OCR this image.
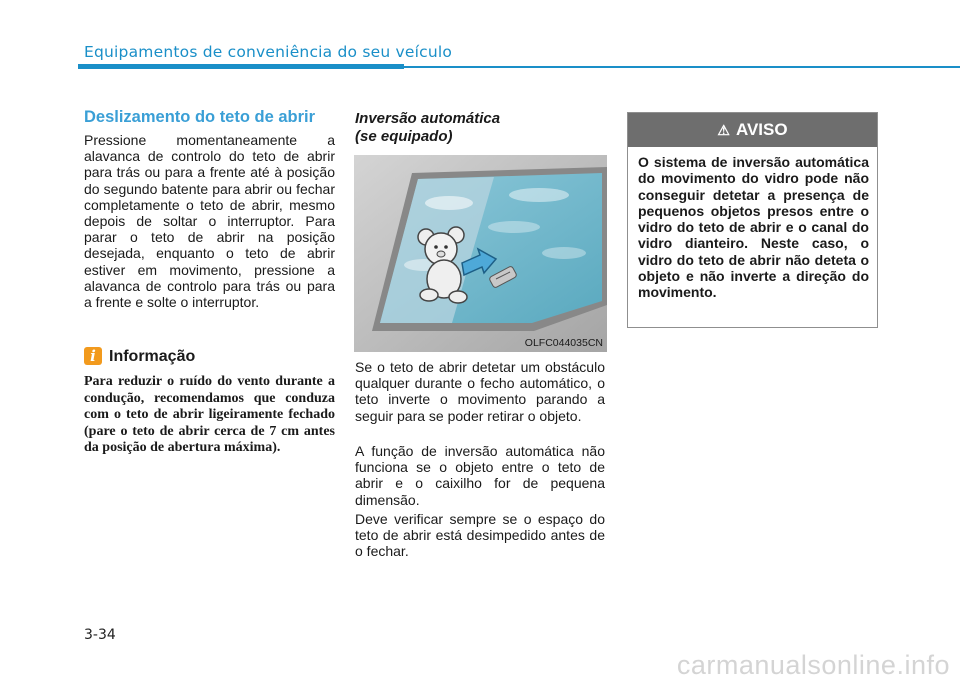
Equipamentos de conveniência do seu veículo
Deslizamento do teto de abrir
Pressione momentaneamente a alavanca de controlo do teto de abrir para trás ou para a frente até à posição do segundo batente para abrir ou fechar completamente o teto de abrir, mesmo depois de soltar o interruptor. Para parar o teto de abrir na posição desejada, enquanto o teto de abrir estiver em movimento, pressione a alavanca de controlo para trás ou para a frente e solte o interruptor.
i Informação
Para reduzir o ruído do vento durante a condução, recomendamos que conduza com o teto de abrir ligeiramente fechado (pare o teto de abrir cerca de 7 cm antes da posição de abertura máxima).
Inversão automática
(se equipado)
OLFC044035CN
Se o teto de abrir detetar um obstáculo qualquer durante o fecho automático, o teto inverte o movimento parando a seguir para se poder retirar o objeto.
A função de inversão automática não funciona se o objeto entre o teto de abrir e o caixilho for de pequena dimensão.
Deve verificar sempre se o espaço do teto de abrir está desimpedido antes de o fechar.
⚠ AVISO
O sistema de inversão automática do movimento do vidro pode não conseguir detetar a presença de pequenos objetos presos entre o vidro do teto de abrir e o canal do vidro dianteiro. Neste caso, o vidro do teto de abrir não deteta o objeto e não inverte a direção do movimento.
3-34
carmanualsonline.info
